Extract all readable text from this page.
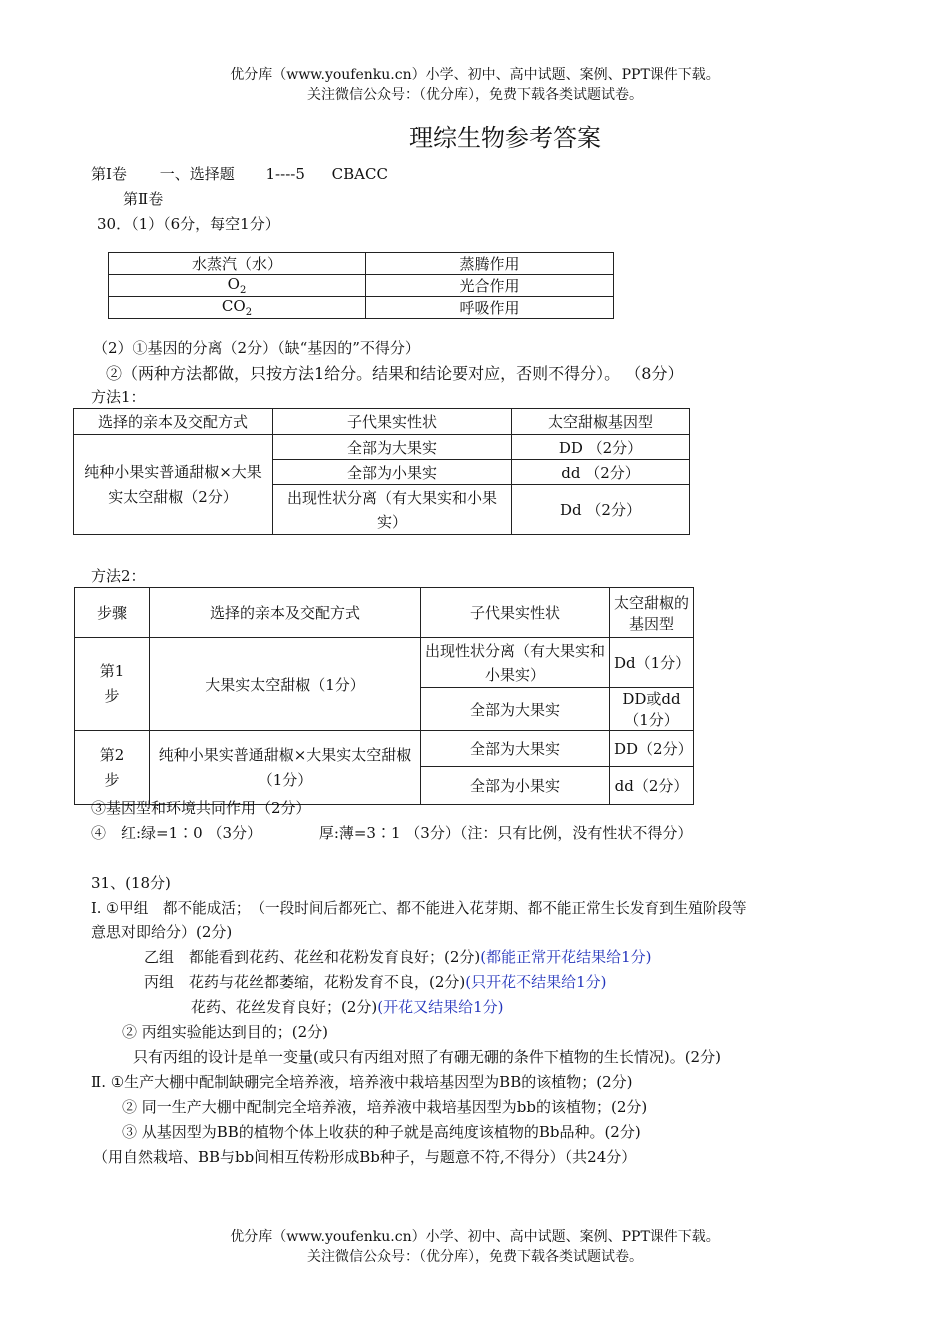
优分库（www.youfenku.cn）小学、初中、高中试题、案例、PPT课件下载。
关注微信公众号：（优分库），免费下载各类试题试卷。
理综生物参考答案
第Ⅰ卷 一、选择题 1----5 CBACC
第Ⅱ卷
30．（1）（6分，每空1分）
水蒸汽（水）	蒸腾作用
$O_2$	光合作用
$CO_2$	呼吸作用
（2）①基因的分离（2分）（缺“基因的”不得分）
②（两种方法都做，只按方法1给分。结果和结论要对应，否则不得分）。 （8分）
方法1：
选择的亲本及交配方式	子代果实性状	太空甜椒基因型
纯种小果实普通甜椒×大果实太空甜椒（2分）	全部为大果实	DD （2分）
	全部为小果实	dd （2分）
	出现性状分离（有大果实和小果实）	Dd （2分）
方法2：
步骤	选择的亲本及交配方式	子代果实性状	太空甜椒的基因型
第1步	大果实太空甜椒（1分）	出现性状分离（有大果实和小果实）	Dd（1分）
		全部为大果实	DD或dd（1分）
第2步	纯种小果实普通甜椒×大果实太空甜椒（1分）	全部为大果实	DD（2分）
		全部为小果实	dd（2分）
③基因型和环境共同作用（2分）
④　红:绿=1∶0 （3分）	厚:薄=3∶1 （3分）（注：只有比例，没有性状不得分）
31、(18分)
Ⅰ. ①甲组　都不能成活；　（一段时间后都死亡、都不能进入花芽期、都不能正常生长发育到生殖阶段等
意思对即给分）(2分)
乙组　都能看到花药、花丝和花粉发育良好；(2分)(都能正常开花结果给1分)
丙组　花药与花丝都萎缩，花粉发育不良，(2分)(只开花不结果给1分)
花药、花丝发育良好；(2分)(开花又结果给1分)
② 丙组实验能达到目的；(2分)
只有丙组的设计是单一变量(或只有丙组对照了有硼无硼的条件下植物的生长情况)。(2分)
Ⅱ. ①生产大棚中配制缺硼完全培养液，培养液中栽培基因型为BB的该植物；(2分)
② 同一生产大棚中配制完全培养液，培养液中栽培基因型为bb的该植物；(2分)
③ 从基因型为BB的植物个体上收获的种子就是高纯度该植物的Bb品种。(2分)
（用自然栽培、BB与bb间相互传粉形成Bb种子，与题意不符,不得分）（共24分）
优分库（www.youfenku.cn）小学、初中、高中试题、案例、PPT课件下载。
关注微信公众号：（优分库），免费下载各类试题试卷。
